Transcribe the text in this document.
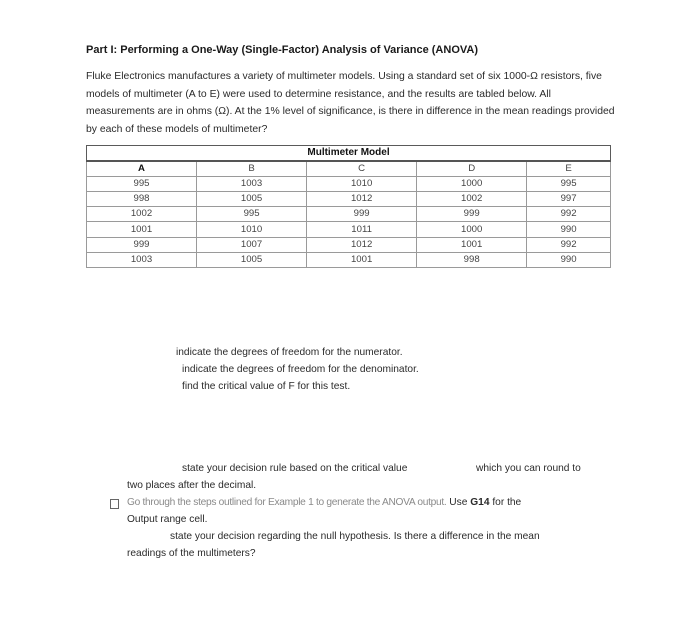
Part I: Performing a One-Way (Single-Factor) Analysis of Variance (ANOVA)
Fluke Electronics manufactures a variety of multimeter models. Using a standard set of six 1000-Ω resistors, five models of multimeter (A to E) were used to determine resistance, and the results are tabled below. All measurements are in ohms (Ω). At the 1% level of significance, is there in difference in the mean readings provided by each of these models of multimeter?
Multimeter Model				
A	B	C	D	E
995	1003	1010	1000	995
998	1005	1012	1002	997
1002	995	999	999	992
1001	1010	1011	1000	990
999	1007	1012	1001	992
1003	1005	1001	998	990
indicate the degrees of freedom for the numerator.
indicate the degrees of freedom for the denominator.
find the critical value of F for this test.
state your decision rule based on the critical value	which you can round to
two places after the decimal.
Go through the steps outlined for Example 1 to generate the ANOVA output. Use G14 for the
Output range cell.
state your decision regarding the null hypothesis. Is there a difference in the mean
readings of the multimeters?
